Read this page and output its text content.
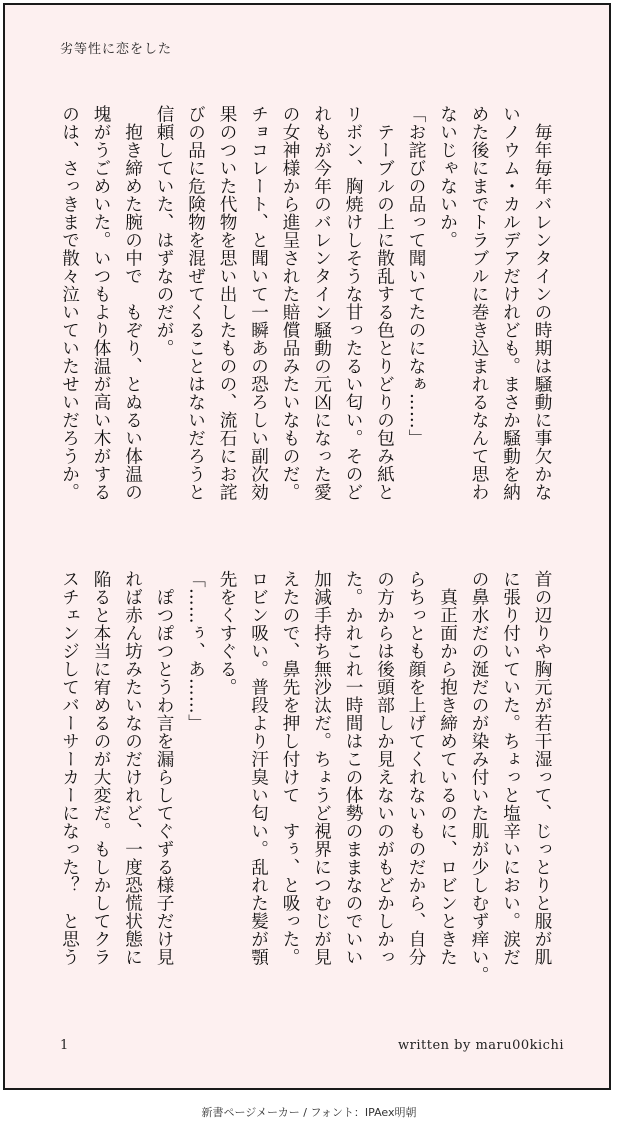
劣等性に恋をした

　毎年毎年バレンタインの時期は騒動に事欠かな

いノウム・カルデアだけれども。まさか騒動を納

めた後にまでトラブルに巻き込まれるなんて思わ

ないじゃないか。

「お詫びの品って聞いてたのになぁ……」

　テーブルの上に散乱する色とりどりの包み紙と

リボン、胸焼けしそうな甘ったるい匂い。そのど

れもが今年のバレンタイン騒動の元凶になった愛

の女神様から進呈された賠償品みたいなものだ。

チョコレート、と聞いて一瞬あの恐ろしい副次効

果のついた代物を思い出したものの、流石にお詫

びの品に危険物を混ぜてくることはないだろうと

信頼していた、はずなのだが。

　抱き締めた腕の中で　もぞり、とぬるい体温の

塊がうごめいた。いつもより体温が高い木がする

のは、さっきまで散々泣いていたせいだろうか。

首の辺りや胸元が若干湿って、じっとりと服が肌

に張り付いていた。ちょっと塩辛いにおい。涙だ

の鼻水だの涎だのが染み付いた肌が少しむず痒い。

　真正面から抱き締めているのに、ロビンときた

らちっとも顔を上げてくれないものだから、自分

の方からは後頭部しか見えないのがもどかしかっ

た。かれこれ一時間はこの体勢のままなのでいい

加減手持ち無沙汰だ。ちょうど視界につむじが見

えたので、鼻先を押し付けて　すぅ、と吸った。

ロビン吸い。普段より汗臭い匂い。乱れた髪が顎

先をくすぐる。

「……ぅ、あ……」

　ぽつぽつとうわ言を漏らしてぐずる様子だけ見

れば赤ん坊みたいなのだけれど、一度恐慌状態に

陥ると本当に宥めるのが大変だ。もしかしてクラ

スチェンジしてバーサーカーになった？　と思う

1	written by maru00kichi
新書ページメーカー / フォント：IPAex明朝
